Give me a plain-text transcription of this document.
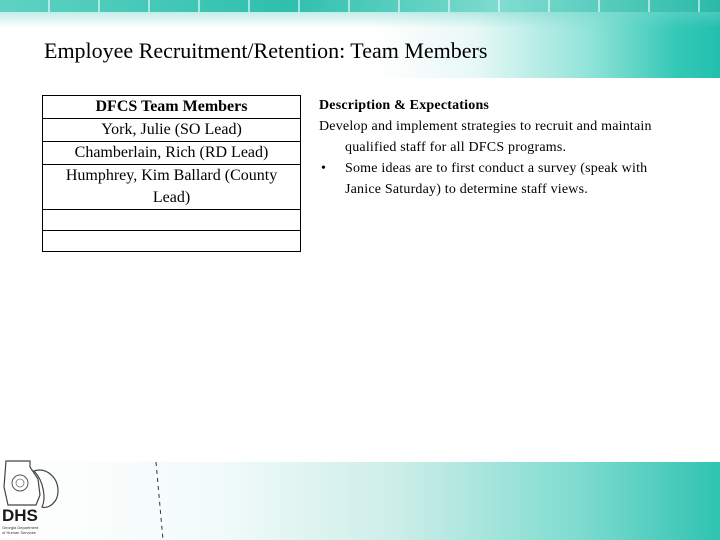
Employee Recruitment/Retention: Team Members
DFCS Team Members
York, Julie (SO Lead)
Chamberlain, Rich (RD Lead)
Humphrey, Kim Ballard (County Lead)

Description & Expectations
Develop and implement strategies to recruit and maintain qualified staff for all DFCS programs.
• Some ideas are to first conduct a survey (speak with Janice Saturday) to determine staff views.
DHS
Georgia Department
of Human Services
